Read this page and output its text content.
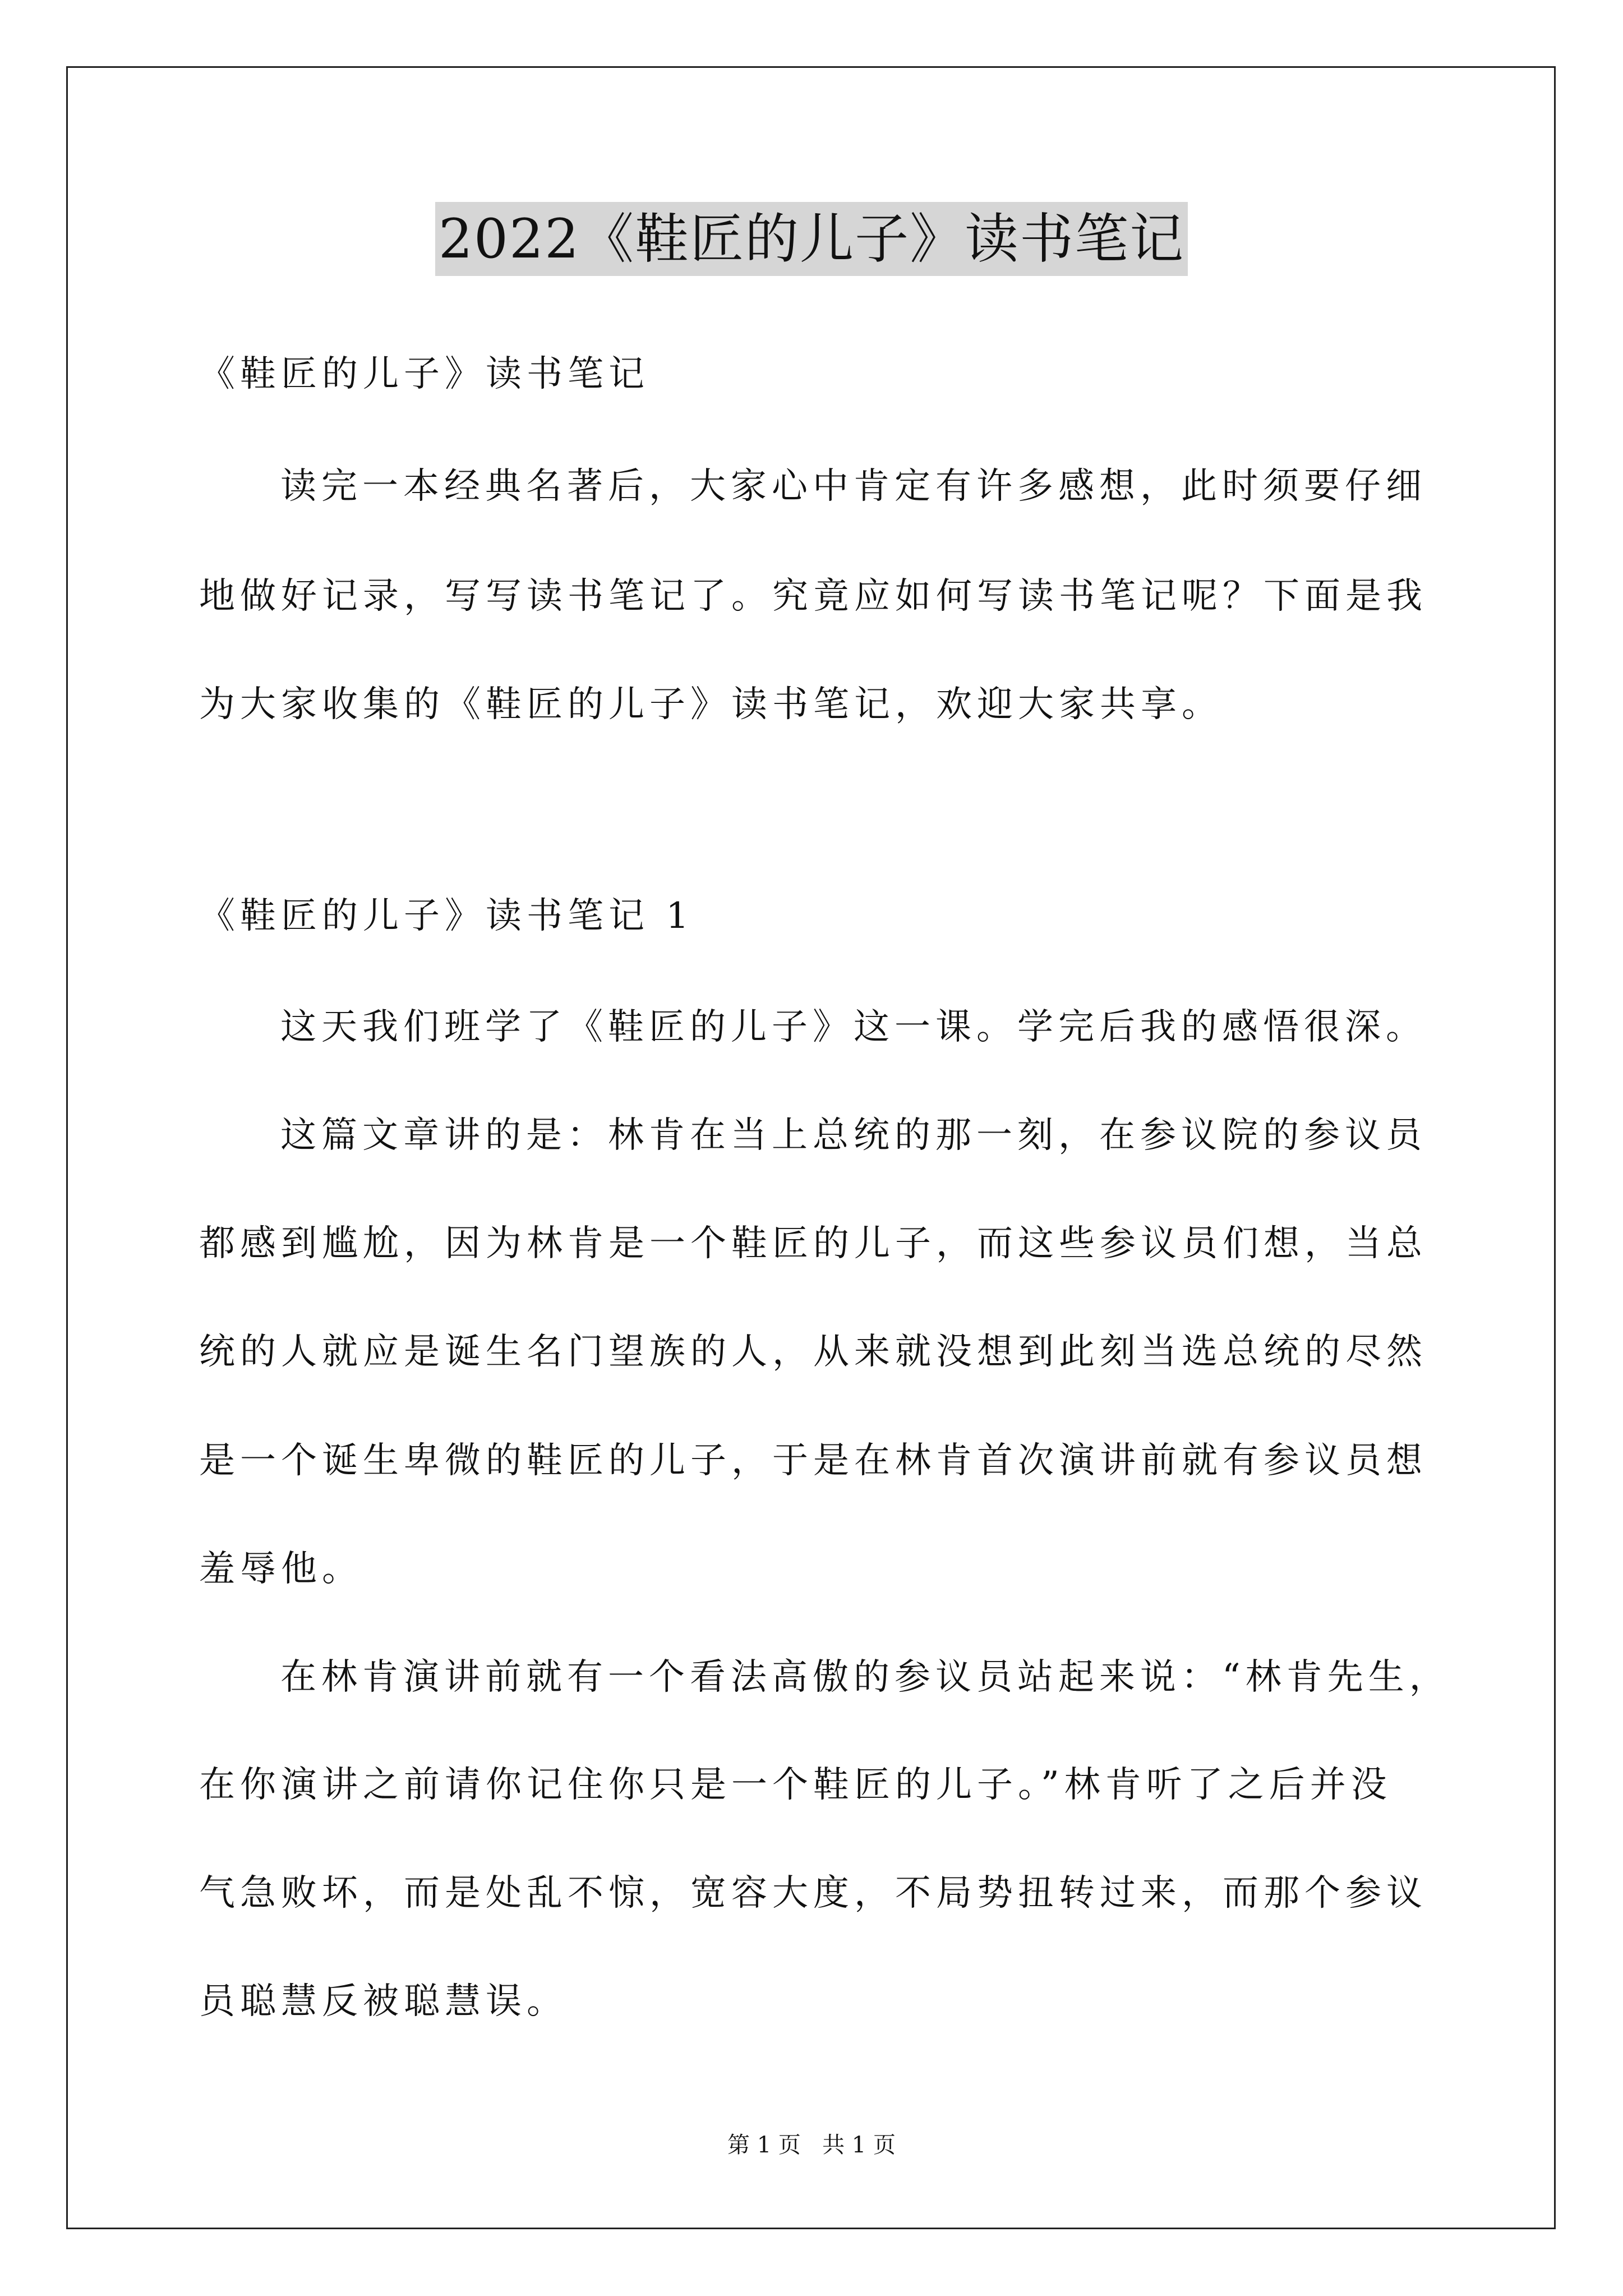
2022《鞋匠的儿子》读书笔记
《鞋匠的儿子》读书笔记
读完一本经典名著后，大家心中肯定有许多感想，此时须要仔细
地做好记录，写写读书笔记了。究竟应如何写读书笔记呢？下面是我
为大家收集的《鞋匠的儿子》读书笔记，欢迎大家共享。
《鞋匠的儿子》读书笔记 1
这天我们班学了《鞋匠的儿子》这一课。学完后我的感悟很深。
这篇文章讲的是：林肯在当上总统的那一刻，在参议院的参议员
都感到尴尬，因为林肯是一个鞋匠的儿子，而这些参议员们想，当总
统的人就应是诞生名门望族的人，从来就没想到此刻当选总统的尽然
是一个诞生卑微的鞋匠的儿子，于是在林肯首次演讲前就有参议员想
羞辱他。
在林肯演讲前就有一个看法高傲的参议员站起来说：“林肯先生，
在你演讲之前请你记住你只是一个鞋匠的儿子。”林肯听了之后并没
气急败坏，而是处乱不惊，宽容大度，不局势扭转过来，而那个参议
员聪慧反被聪慧误。
第 1 页   共 1 页
